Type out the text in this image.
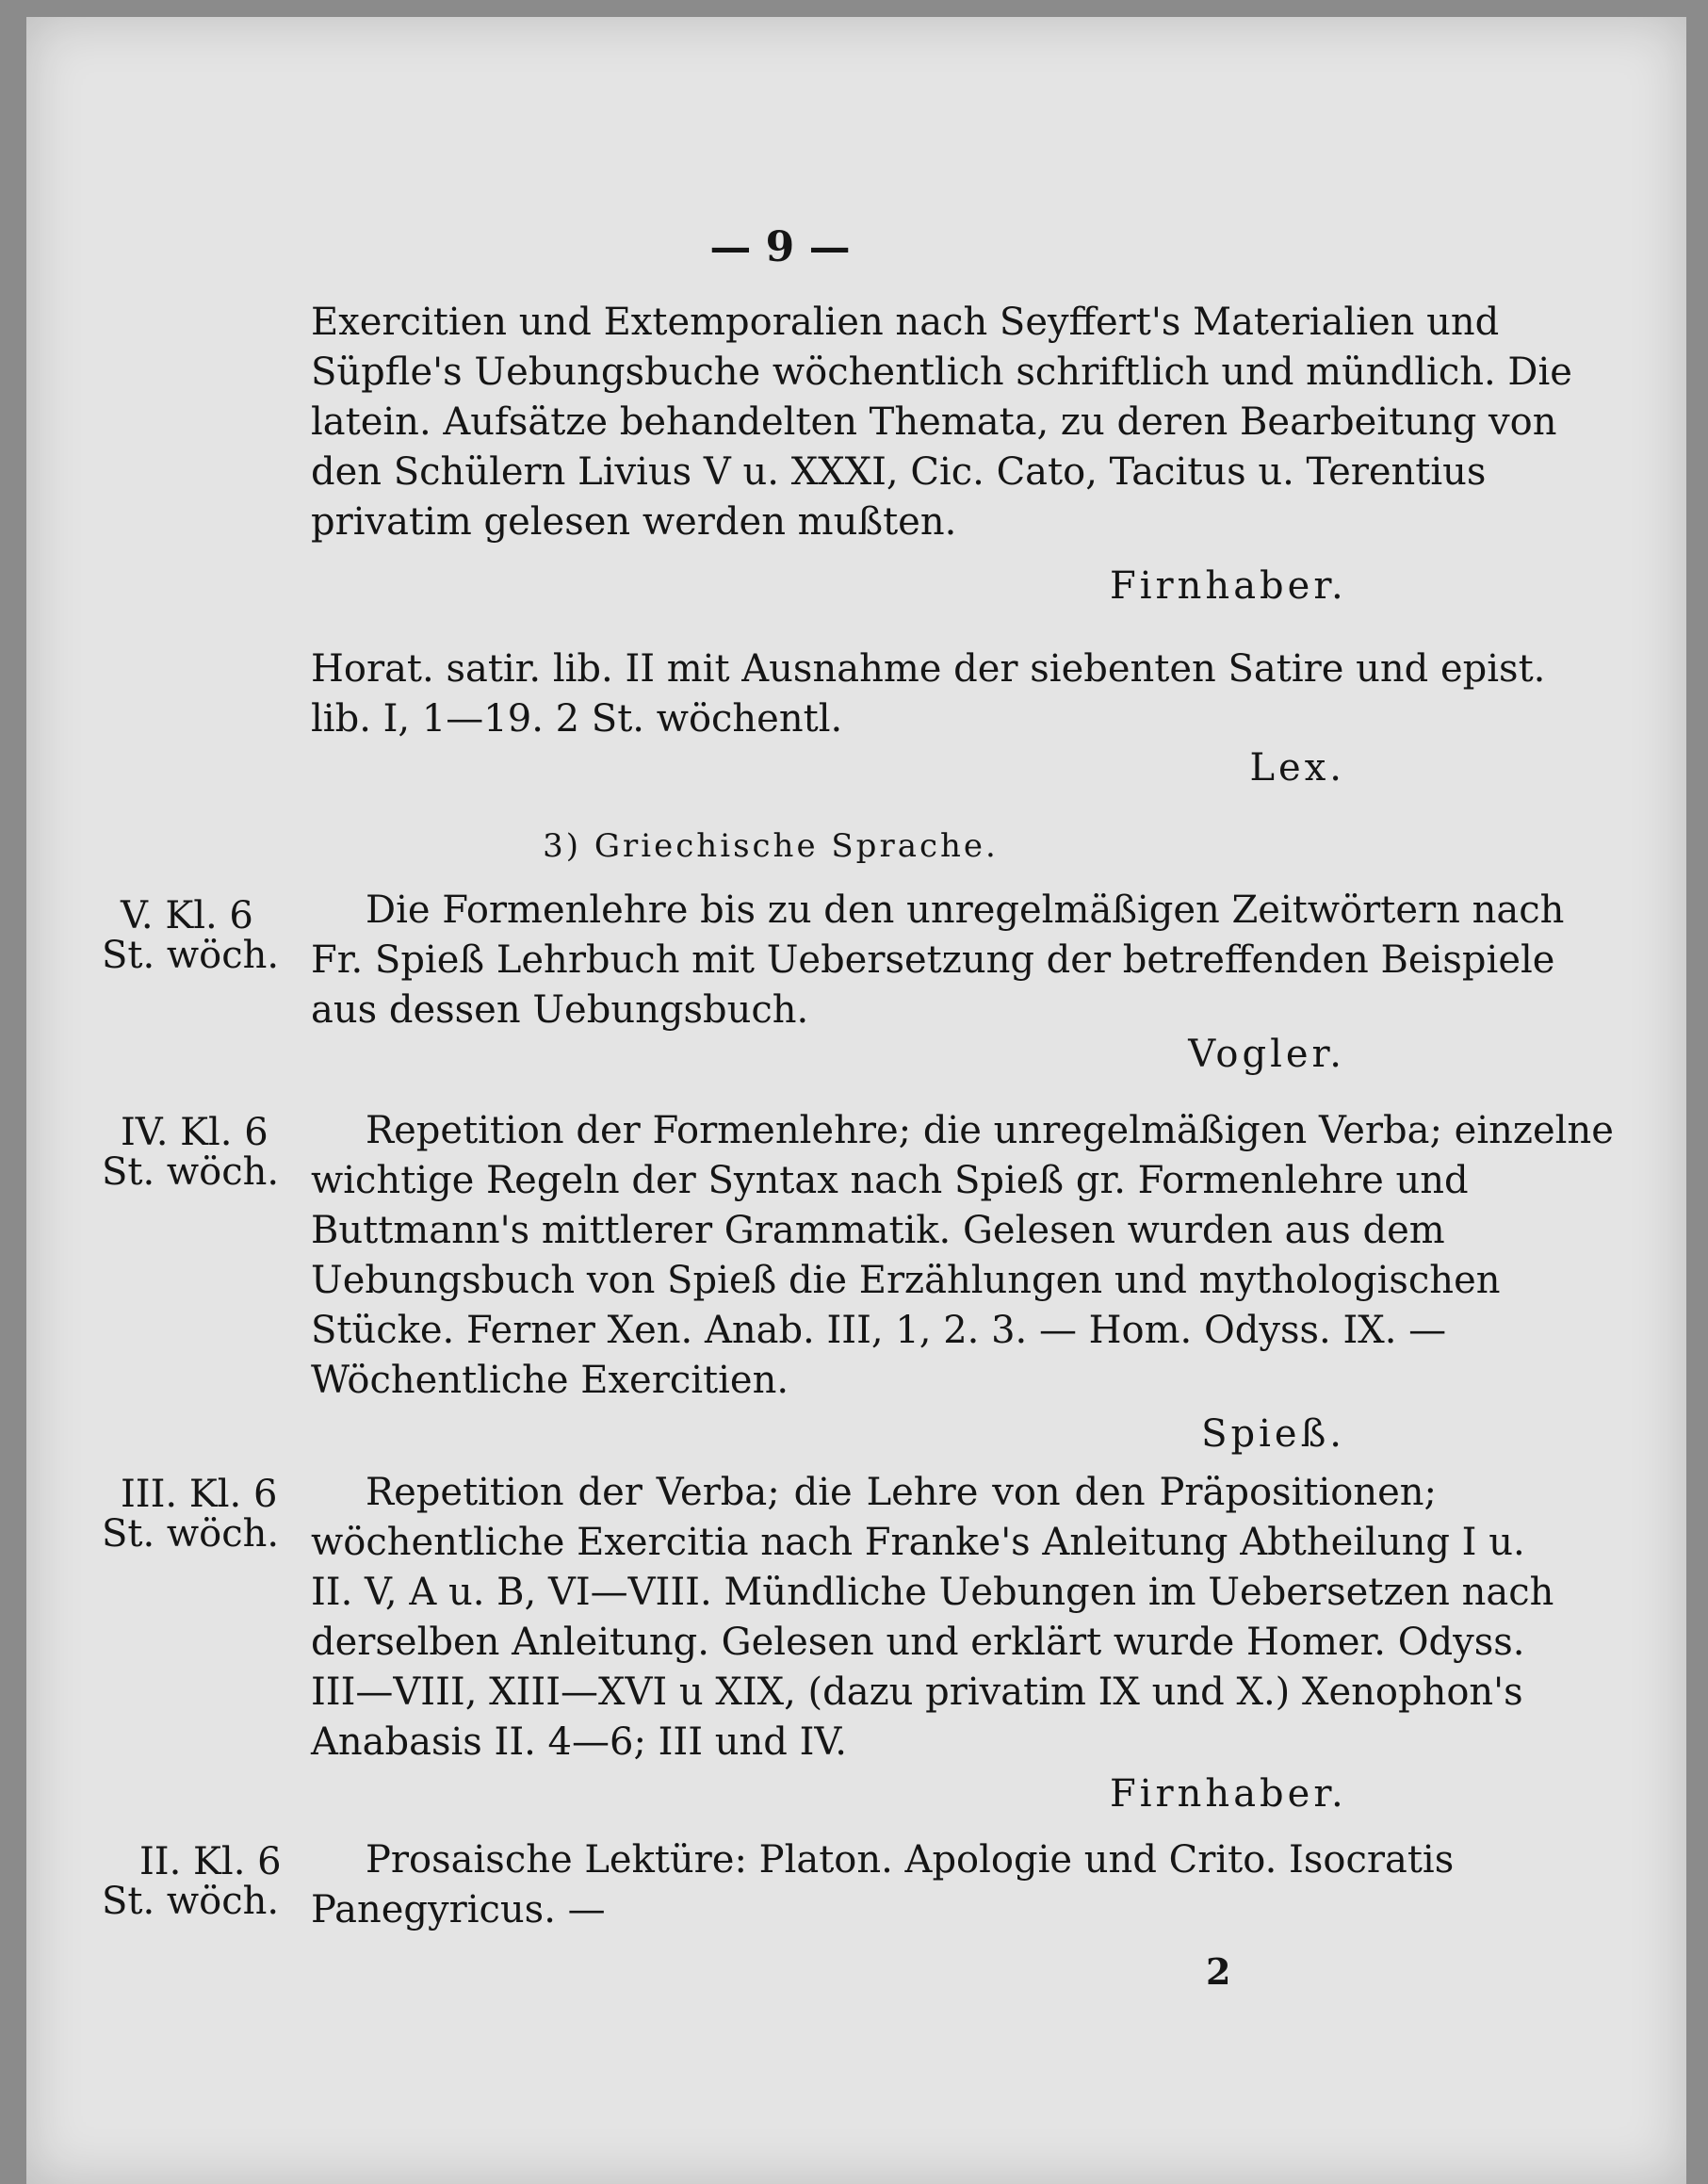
— 9 —
Exercitien und Extemporalien nach Seyffert's Materialien und
Süpfle's Uebungsbuche wöchentlich schriftlich und mündlich. Die
latein. Aufsätze behandelten Themata, zu deren Bearbeitung von
den Schülern Livius V u. XXXI, Cic. Cato, Tacitus u. Terentius
privatim gelesen werden mußten.
Firnhaber.
Horat. satir. lib. II mit Ausnahme der siebenten Satire und epist.
lib. I, 1—19. 2 St. wöchentl.
Lex.
3) Griechische Sprache.
V. Kl. 6
St. wöch.
Die Formenlehre bis zu den unregelmäßigen Zeitwörtern nach
Fr. Spieß Lehrbuch mit Uebersetzung der betreffenden Beispiele
aus dessen Uebungsbuch.
Vogler.
IV. Kl. 6
St. wöch.
Repetition der Formenlehre; die unregelmäßigen Verba; einzelne
wichtige Regeln der Syntax nach Spieß gr. Formenlehre und
Buttmann's mittlerer Grammatik. Gelesen wurden aus dem
Uebungsbuch von Spieß die Erzählungen und mythologischen
Stücke. Ferner Xen. Anab. III, 1, 2. 3. — Hom. Odyss. IX. —
Wöchentliche Exercitien.
Spieß.
III. Kl. 6
St. wöch.
Repetition der Verba; die Lehre von den Präpositionen;
wöchentliche Exercitia nach Franke's Anleitung Abtheilung I u.
II. V, A u. B, VI—VIII. Mündliche Uebungen im Uebersetzen nach
derselben Anleitung. Gelesen und erklärt wurde Homer. Odyss.
III—VIII, XIII—XVI u XIX, (dazu privatim IX und X.) Xenophon's
Anabasis II. 4—6; III und IV.
Firnhaber.
II. Kl. 6
St. wöch.
Prosaische Lektüre: Platon. Apologie und Crito. Isocratis
Panegyricus. —
2
